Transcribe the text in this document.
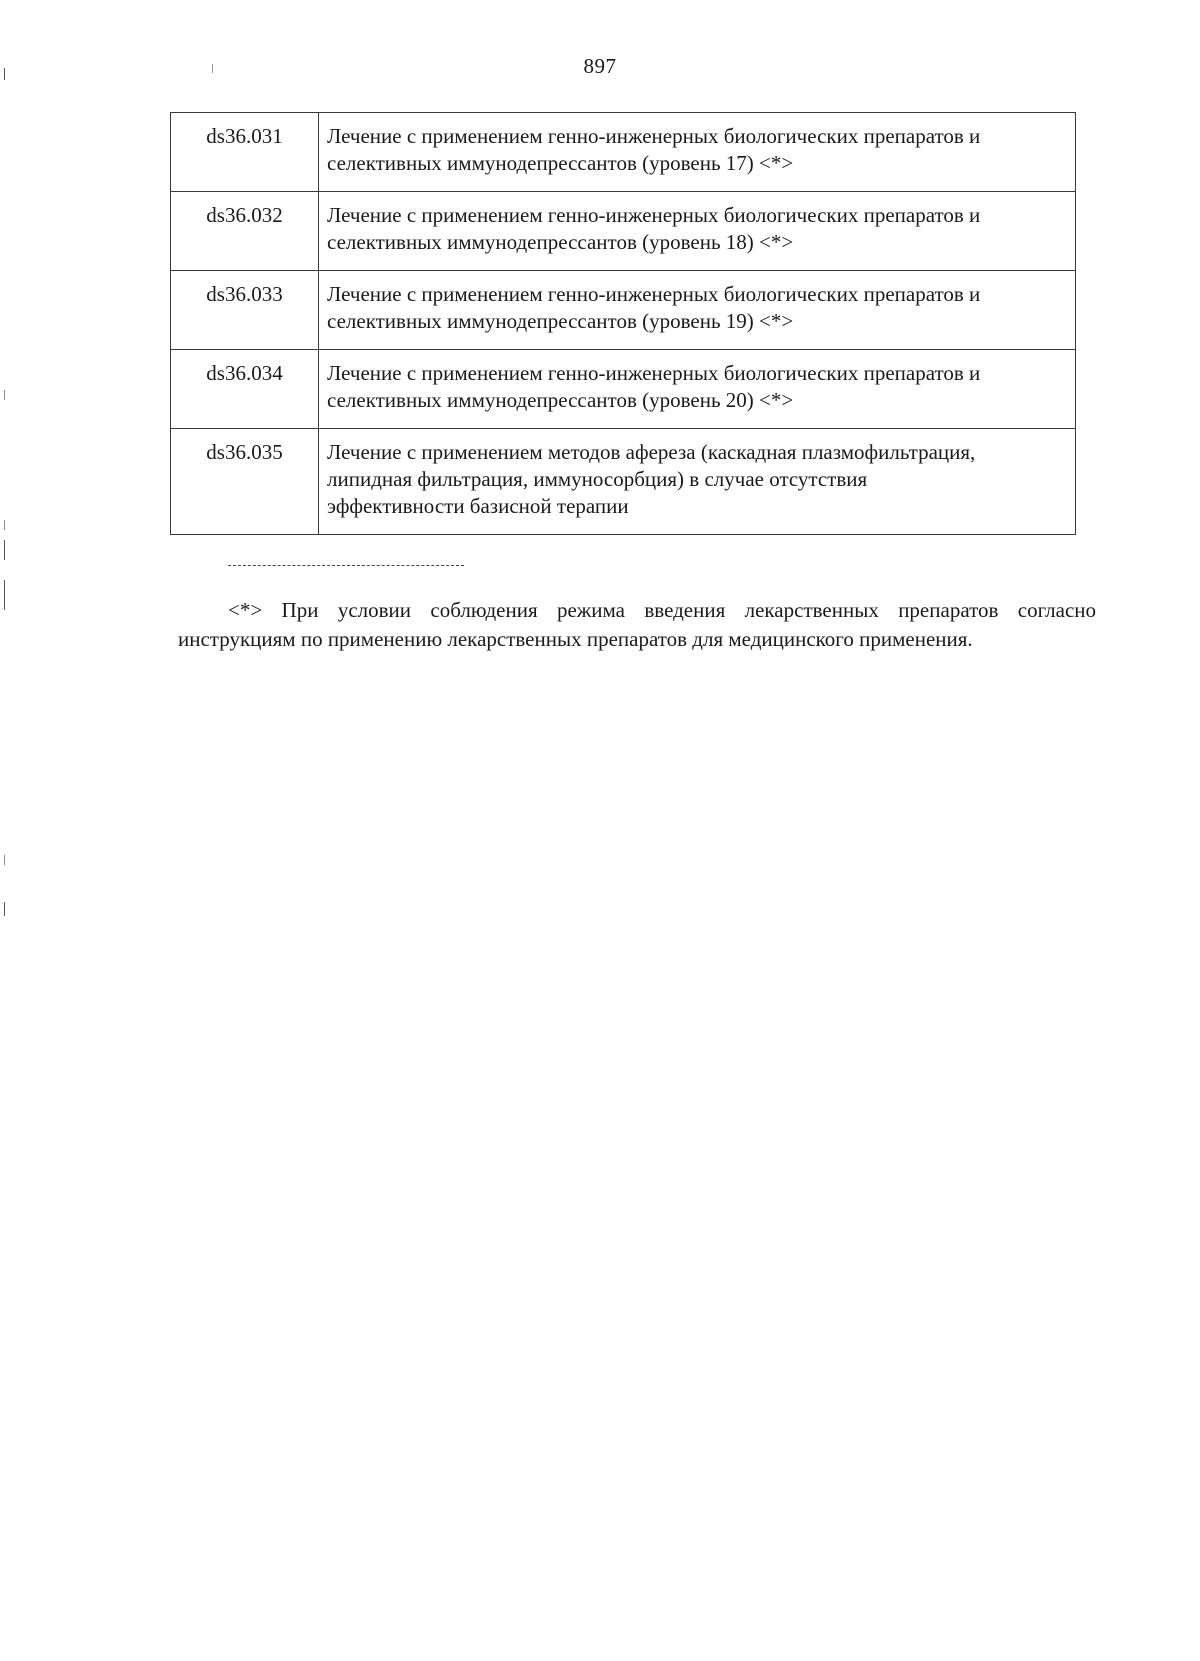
897
ds36.031	Лечение с применением генно-инженерных биологических препаратов и
селективных иммунодепрессантов (уровень 17) <*>

ds36.032	Лечение с применением генно-инженерных биологических препаратов и
селективных иммунодепрессантов (уровень 18) <*>

ds36.033	Лечение с применением генно-инженерных биологических препаратов и
селективных иммунодепрессантов (уровень 19) <*>

ds36.034	Лечение с применением генно-инженерных биологических препаратов и
селективных иммунодепрессантов (уровень 20) <*>

ds36.035	Лечение с применением методов афереза (каскадная плазмофильтрация,
липидная фильтрация, иммуносорбция) в случае отсутствия
эффективности базисной терапии
<*> При условии соблюдения режима введения лекарственных препаратов согласно инструкциям по применению лекарственных препаратов для медицинского применения.
